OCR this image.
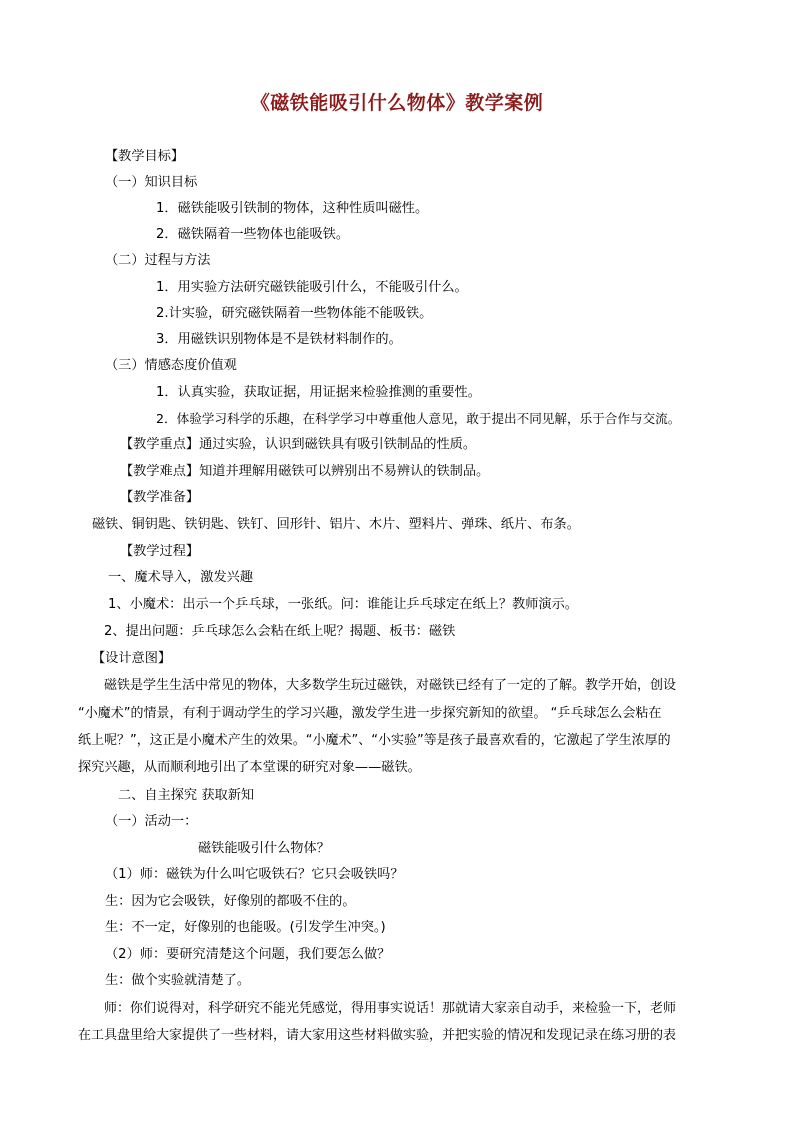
《磁铁能吸引什么物体》教学案例
【教学目标】
（一）知识目标
1．磁铁能吸引铁制的物体，这种性质叫磁性。
2．磁铁隔着一些物体也能吸铁。
（二）过程与方法
1．用实验方法研究磁铁能吸引什么，不能吸引什么。
2.计实验，研究磁铁隔着一些物体能不能吸铁。
3．用磁铁识别物体是不是铁材料制作的。
（三）情感态度价值观
1．认真实验，获取证据，用证据来检验推测的重要性。
2．体验学习科学的乐趣，在科学学习中尊重他人意见，敢于提出不同见解，乐于合作与交流。
【教学重点】通过实验，认识到磁铁具有吸引铁制品的性质。
【教学难点】知道并理解用磁铁可以辨别出不易辨认的铁制品。
【教学准备】
磁铁、铜钥匙、铁钥匙、铁钉、回形针、铝片、木片、塑料片、弹珠、纸片、布条。
【教学过程】
一、魔术导入，激发兴趣
1、小魔术：出示一个乒乓球，一张纸。问：谁能让乒乓球定在纸上？教师演示。
2、提出问题：乒乓球怎么会粘在纸上呢？揭题、板书：磁铁
【设计意图】
磁铁是学生生活中常见的物体，大多数学生玩过磁铁，对磁铁已经有了一定的了解。教学开始，创设
“小魔术”的情景，有利于调动学生的学习兴趣，激发学生进一步探究新知的欲望。 “乒乓球怎么会粘在
纸上呢？”，这正是小魔术产生的效果。“小魔术”、“小实验”等是孩子最喜欢看的，它激起了学生浓厚的
探究兴趣，从而顺利地引出了本堂课的研究对象——磁铁。
二、自主探究 获取新知
（一）活动一：
磁铁能吸引什么物体？
（1）师：磁铁为什么叫它吸铁石？它只会吸铁吗？
生：因为它会吸铁，好像别的都吸不住的。
生：不一定，好像别的也能吸。(引发学生冲突。)
（2）师：要研究清楚这个问题，我们要怎么做？
生：做个实验就清楚了。
师：你们说得对，科学研究不能光凭感觉，得用事实说话！那就请大家亲自动手，来检验一下，老师
在工具盘里给大家提供了一些材料，请大家用这些材料做实验，并把实验的情况和发现记录在练习册的表
